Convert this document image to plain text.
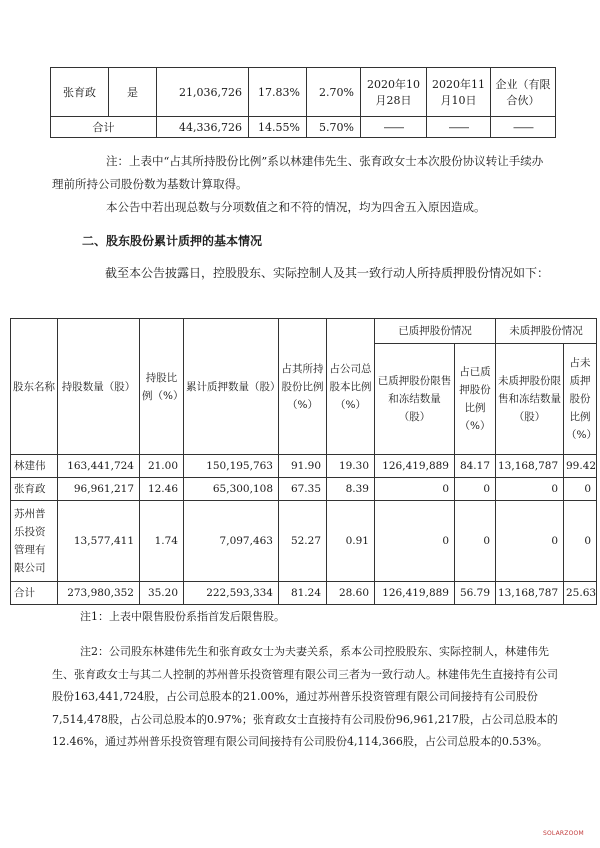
张育政	是	21,036,726	17.83%	2.70%	2020年10月28日	2020年11月10日	企业（有限合伙）
合计		44,336,726	14.55%	5.70%	——	——	——

注：上表中“占其所持股份比例”系以林建伟先生、张育政女士本次股份协议转让手续办理前所持公司股份数为基数计算取得。

本公告中若出现总数与分项数值之和不符的情况，均为四舍五入原因造成。

二、股东股份累计质押的基本情况

截至本公告披露日，控股股东、实际控制人及其一致行动人所持质押股份情况如下：

股东名称	持股数量（股）	持股比例（%）	累计质押数量（股）	占其所持股份比例（%）	占公司总股本比例（%）	已质押股份情况		未质押股份情况	
						已质押股份限售和冻结数量（股）	占已质押股份比例（%）	未质押股份限售和冻结数量（股）	占未质押股份比例（%）
林建伟	163,441,724	21.00	150,195,763	91.90	19.30	126,419,889	84.17	13,168,787	99.42
张育政	96,961,217	12.46	65,300,108	67.35	8.39	0	0	0	0
苏州普乐投资管理有限公司	13,577,411	1.74	7,097,463	52.27	0.91	0	0	0	0
合计	273,980,352	35.20	222,593,334	81.24	28.60	126,419,889	56.79	13,168,787	25.63

注1：上表中限售股份系指首发后限售股。

注2：公司股东林建伟先生和张育政女士为夫妻关系，系本公司控股股东、实际控制人，林建伟先生、张育政女士与其二人控制的苏州普乐投资管理有限公司三者为一致行动人。林建伟先生直接持有公司股份163,441,724股，占公司总股本的21.00%，通过苏州普乐投资管理有限公司间接持有公司股份7,514,478股，占公司总股本的0.97%；张育政女士直接持有公司股份96,961,217股，占公司总股本的12.46%，通过苏州普乐投资管理有限公司间接持有公司股份4,114,366股，占公司总股本的0.53%。

SOLARZOOM
